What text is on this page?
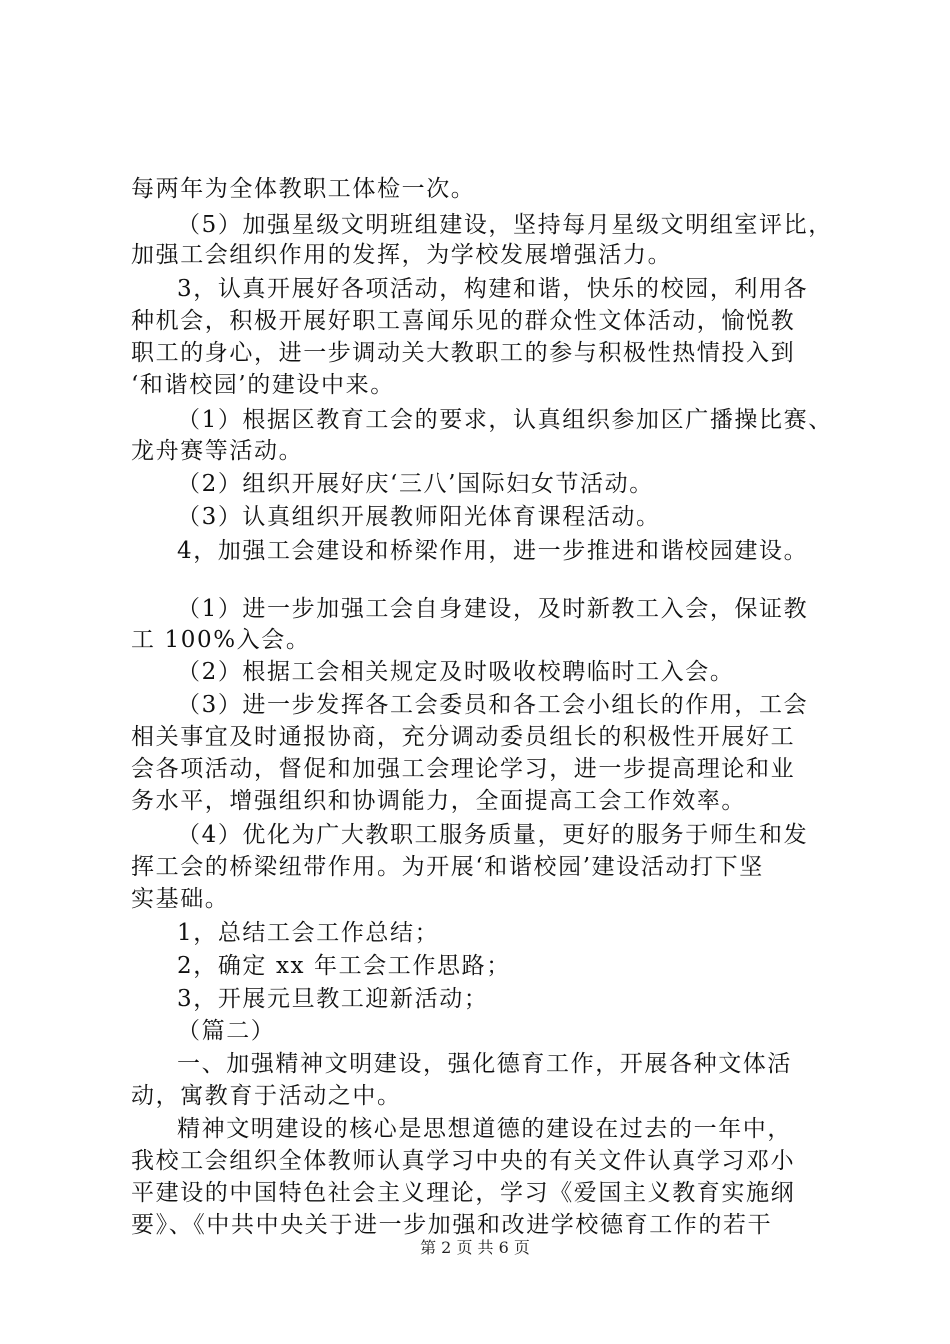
每两年为全体教职工体检一次。
（5）加强星级文明班组建设，坚持每月星级文明组室评比，
加强工会组织作用的发挥，为学校发展增强活力。
3，认真开展好各项活动，构建和谐，快乐的校园，利用各
种机会，积极开展好职工喜闻乐见的群众性文体活动，愉悦教
职工的身心，进一步调动关大教职工的参与积极性热情投入到
‘和谐校园’的建设中来。
（1）根据区教育工会的要求，认真组织参加区广播操比赛、
龙舟赛等活动。
（2）组织开展好庆‘三八’国际妇女节活动。
（3）认真组织开展教师阳光体育课程活动。
4，加强工会建设和桥梁作用，进一步推进和谐校园建设。
（1）进一步加强工会自身建设，及时新教工入会，保证教
工 100%入会。
（2）根据工会相关规定及时吸收校聘临时工入会。
（3）进一步发挥各工会委员和各工会小组长的作用，工会
相关事宜及时通报协商，充分调动委员组长的积极性开展好工
会各项活动，督促和加强工会理论学习，进一步提高理论和业
务水平，增强组织和协调能力，全面提高工会工作效率。
（4）优化为广大教职工服务质量，更好的服务于师生和发
挥工会的桥梁纽带作用。为开展‘和谐校园’建设活动打下坚
实基础。
1，总结工会工作总结；
2，确定 xx 年工会工作思路；
3，开展元旦教工迎新活动；
（篇二）
一、加强精神文明建设，强化德育工作，开展各种文体活
动，寓教育于活动之中。
精神文明建设的核心是思想道德的建设在过去的一年中，
我校工会组织全体教师认真学习中央的有关文件认真学习邓小
平建设的中国特色社会主义理论，学习《爱国主义教育实施纲
要》、《中共中央关于进一步加强和改进学校德育工作的若干
第 2 页 共 6 页
